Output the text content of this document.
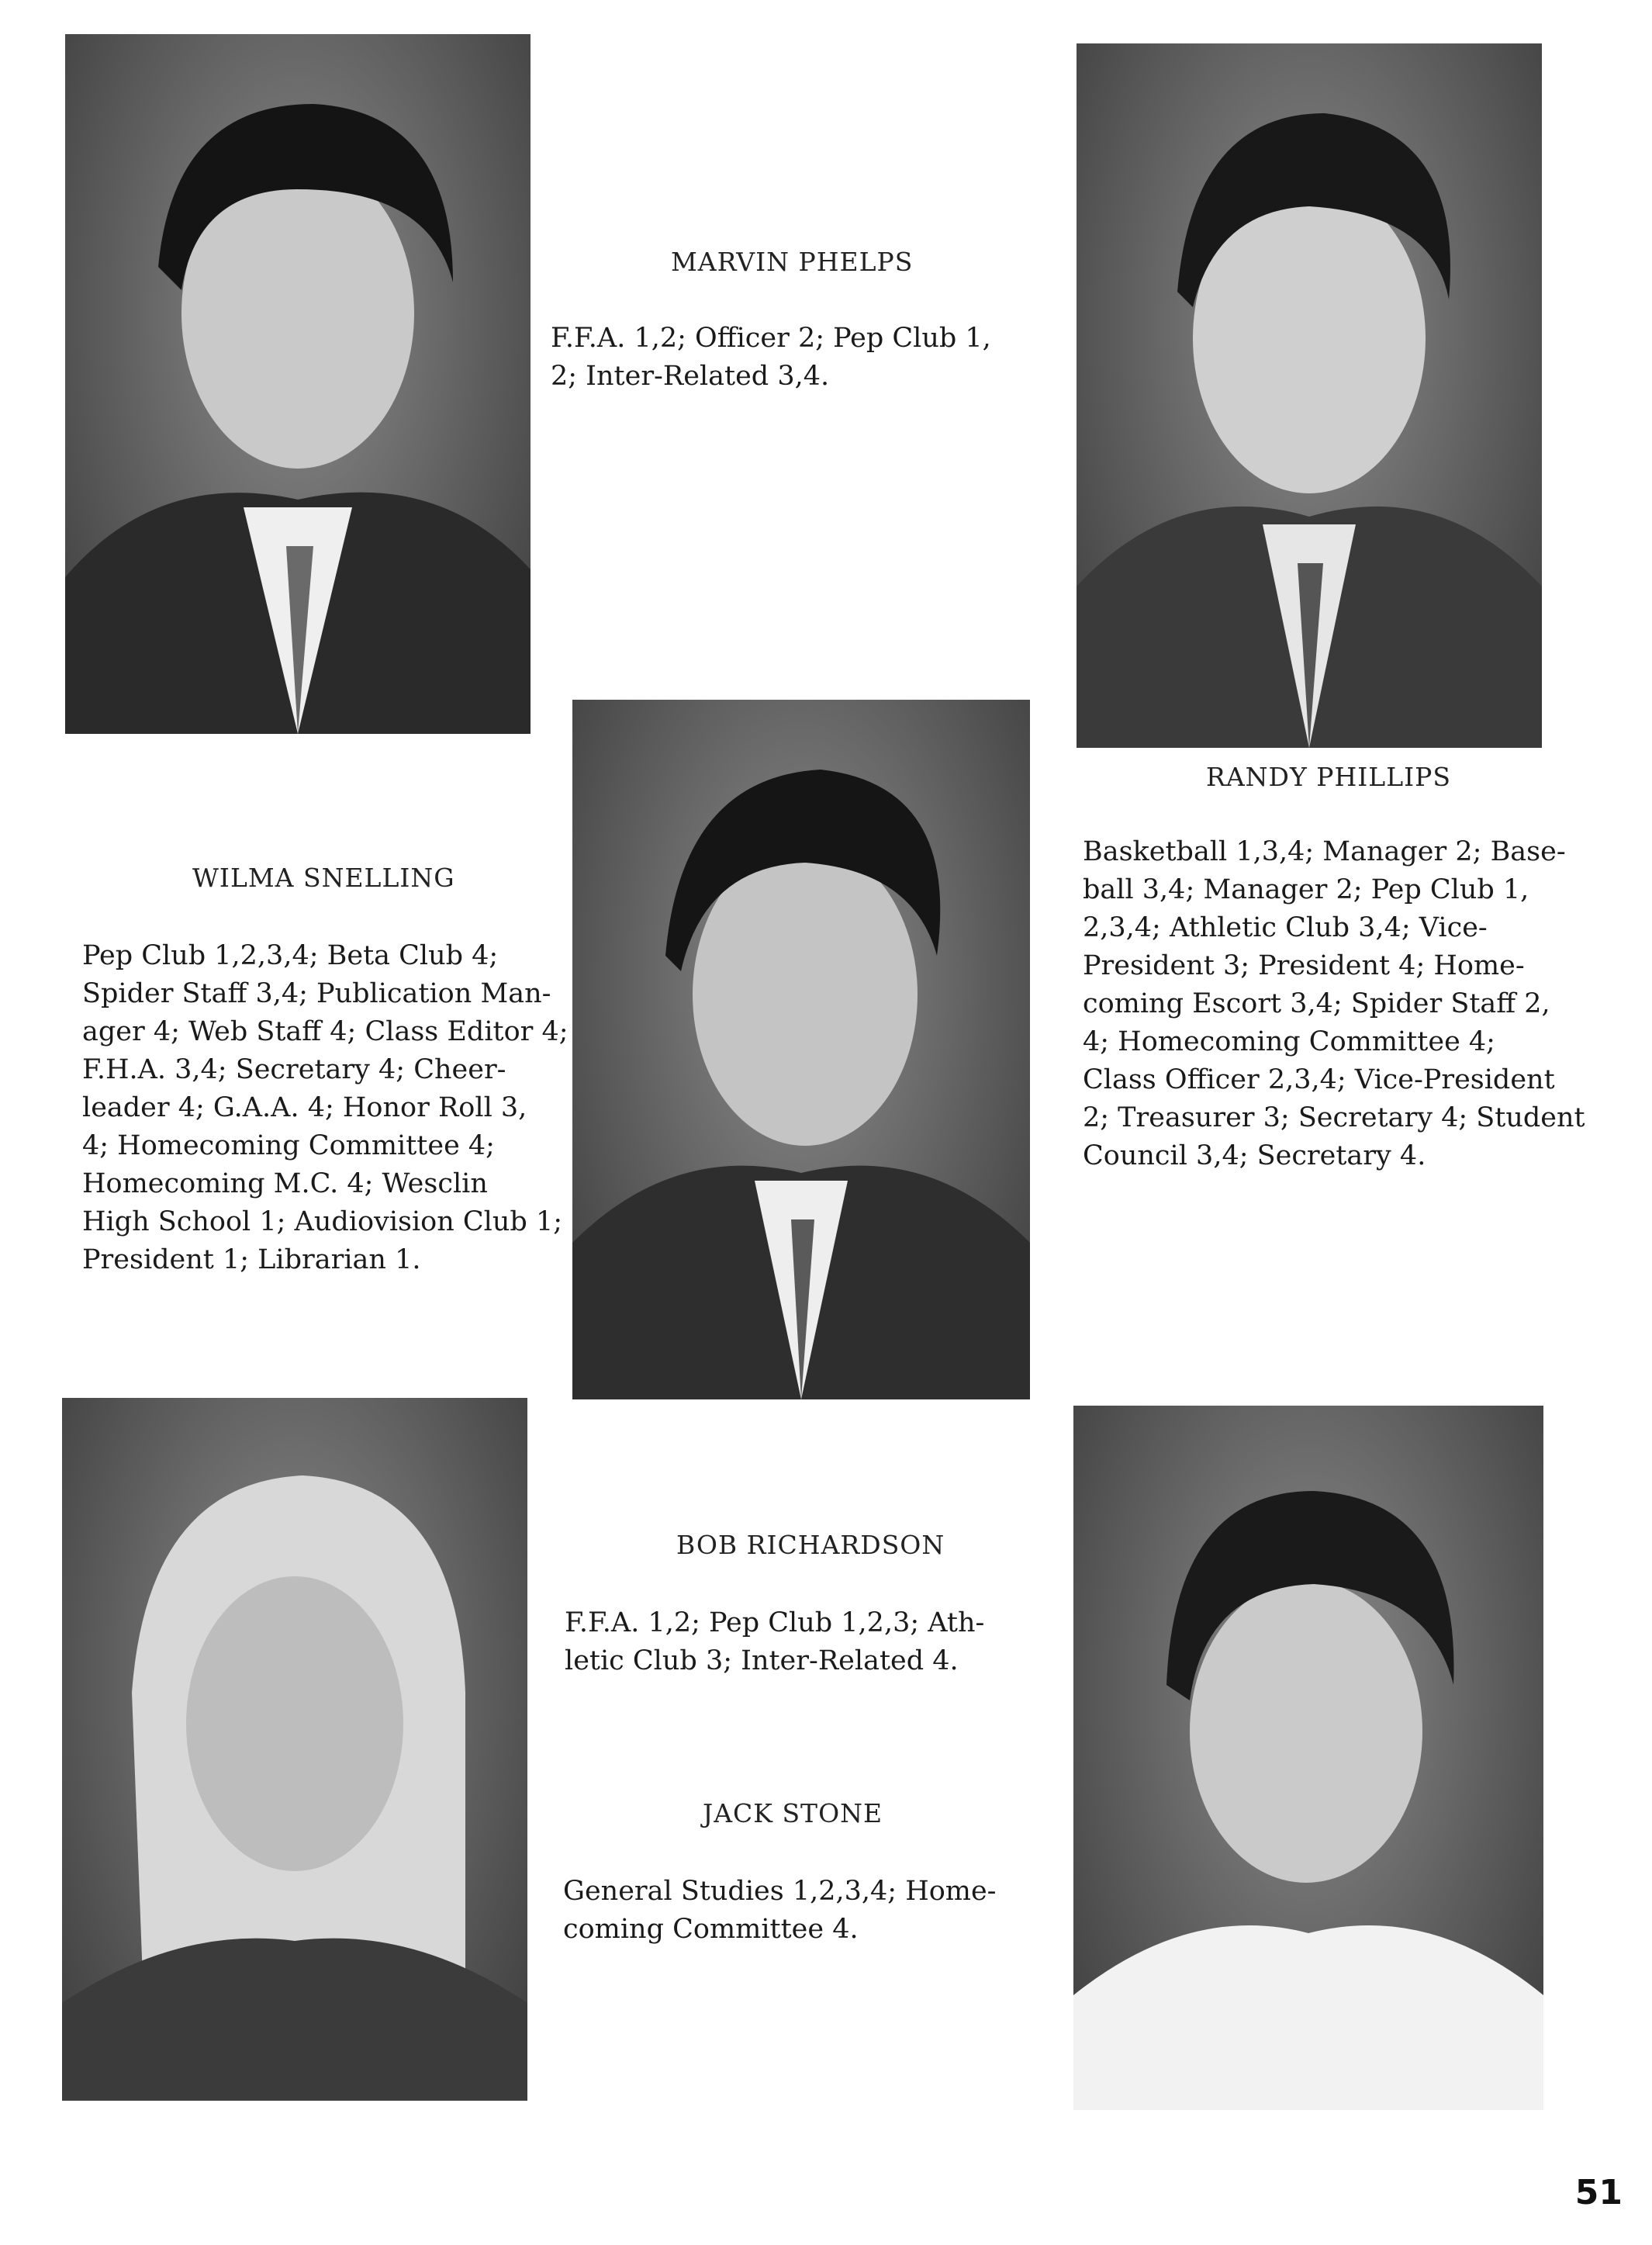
MARVIN PHELPS
F.F.A. 1,2; Officer 2; Pep Club 1,
2; Inter-Related 3,4.
RANDY PHILLIPS
Basketball 1,3,4; Manager 2; Base-
ball 3,4; Manager 2; Pep Club 1,
2,3,4; Athletic Club 3,4; Vice-
President 3; President 4; Home-
coming Escort 3,4; Spider Staff 2,
4; Homecoming Committee 4;
Class Officer 2,3,4; Vice-President
2; Treasurer 3; Secretary 4; Student
Council 3,4; Secretary 4.
WILMA SNELLING
Pep Club 1,2,3,4; Beta Club 4;
Spider Staff 3,4; Publication Man-
ager 4; Web Staff 4; Class Editor 4;
F.H.A. 3,4; Secretary 4; Cheer-
leader 4; G.A.A. 4; Honor Roll 3,
4; Homecoming Committee 4;
Homecoming M.C. 4; Wesclin
High School 1; Audiovision Club 1;
President 1; Librarian 1.
BOB RICHARDSON
F.F.A. 1,2; Pep Club 1,2,3; Ath-
letic Club 3; Inter-Related 4.
JACK STONE
General Studies 1,2,3,4; Home-
coming Committee 4.
51
